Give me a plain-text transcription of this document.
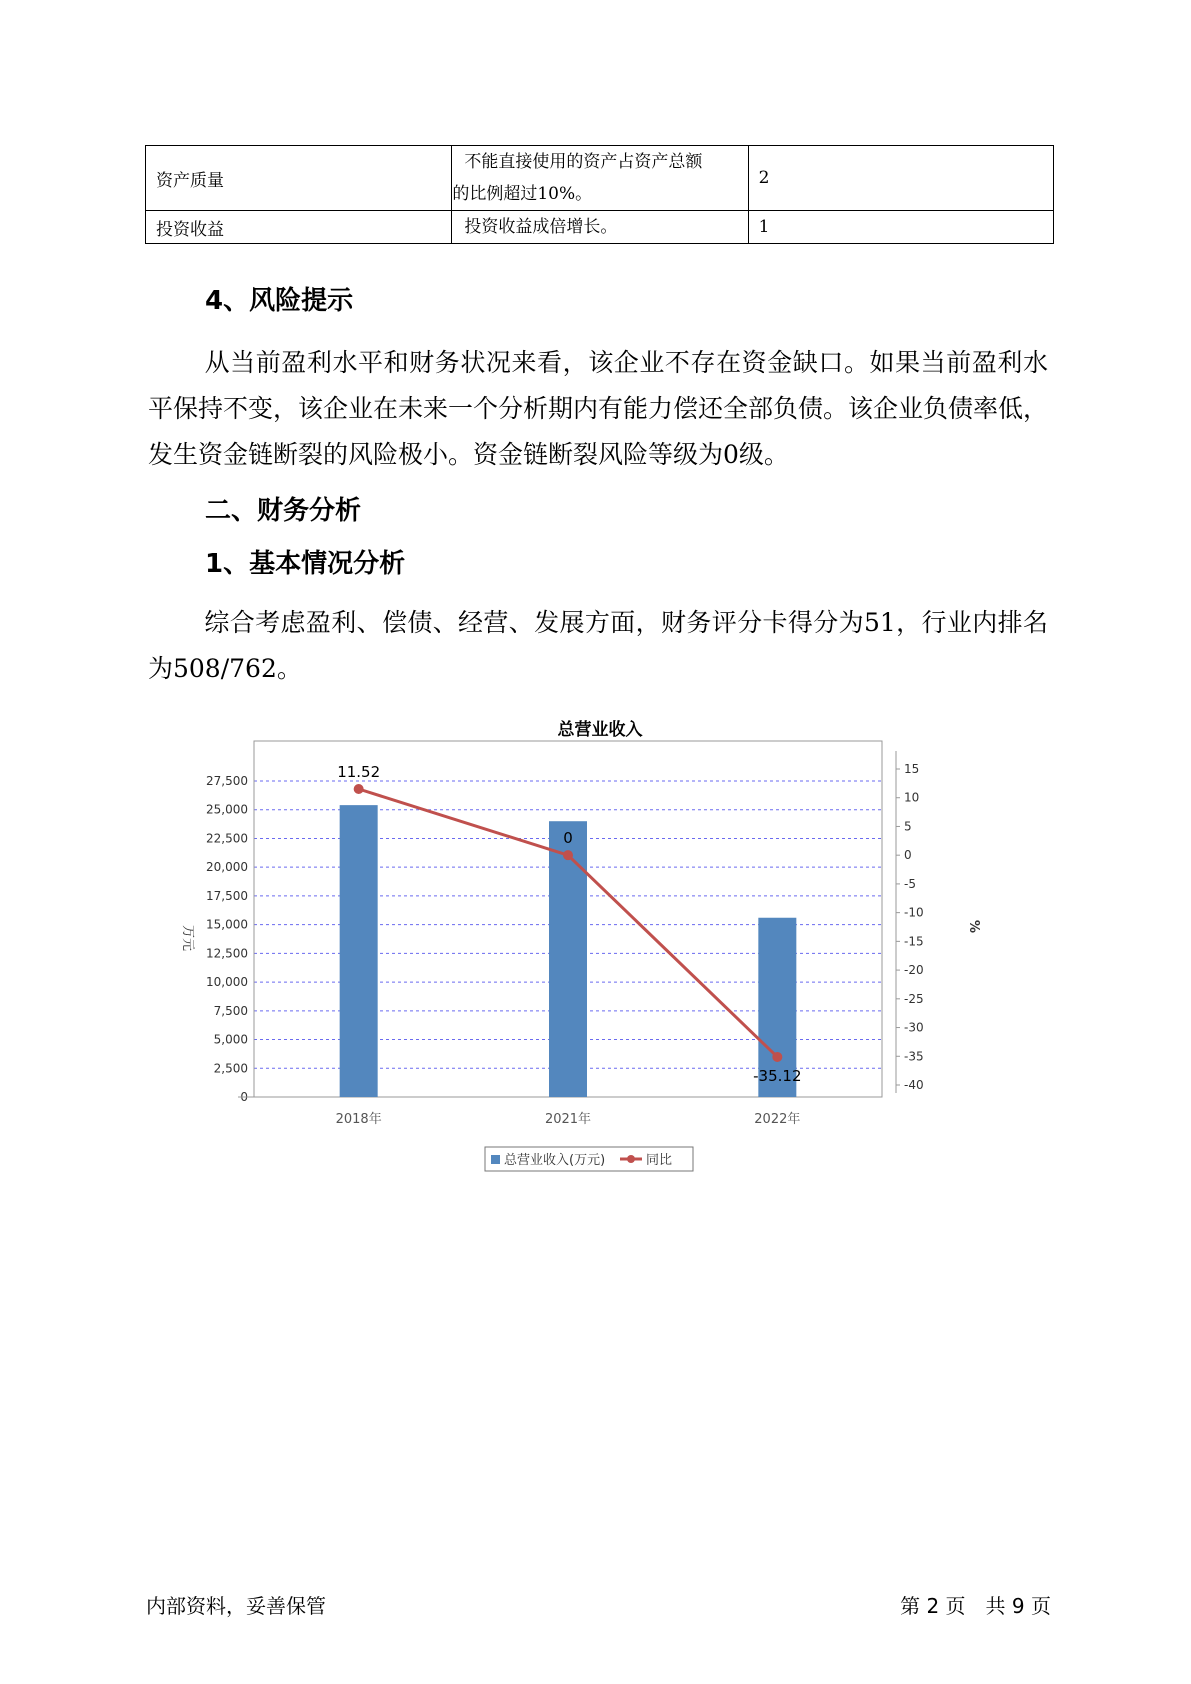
资产质量	不能直接使用的资产占资产总额
的比例超过10%。	2
投资收益	投资收益成倍增长。	1
4、风险提示
从当前盈利水平和财务状况来看，该企业不存在资金缺口。如果当前盈利水平保持不变，该企业在未来一个分析期内有能力偿还全部负债。该企业负债率低，发生资金链断裂的风险极小。资金链断裂风险等级为0级。
二、财务分析
1、基本情况分析
综合考虑盈利、偿债、经营、发展方面，财务评分卡得分为51，行业内排名为508/762。
总营业收入
0
2,500
5,000
7,500
10,000
12,500
15,000
17,500
20,000
22,500
25,000
27,500
15
10
5
0
-5
-10
-15
-20
-25
-30
-35
-40
万元	%
2018年	2021年	2022年
11.52
0
-35.12
总营业收入(万元)	同比
内部资料，妥善保管	第 2 页　共 9 页
